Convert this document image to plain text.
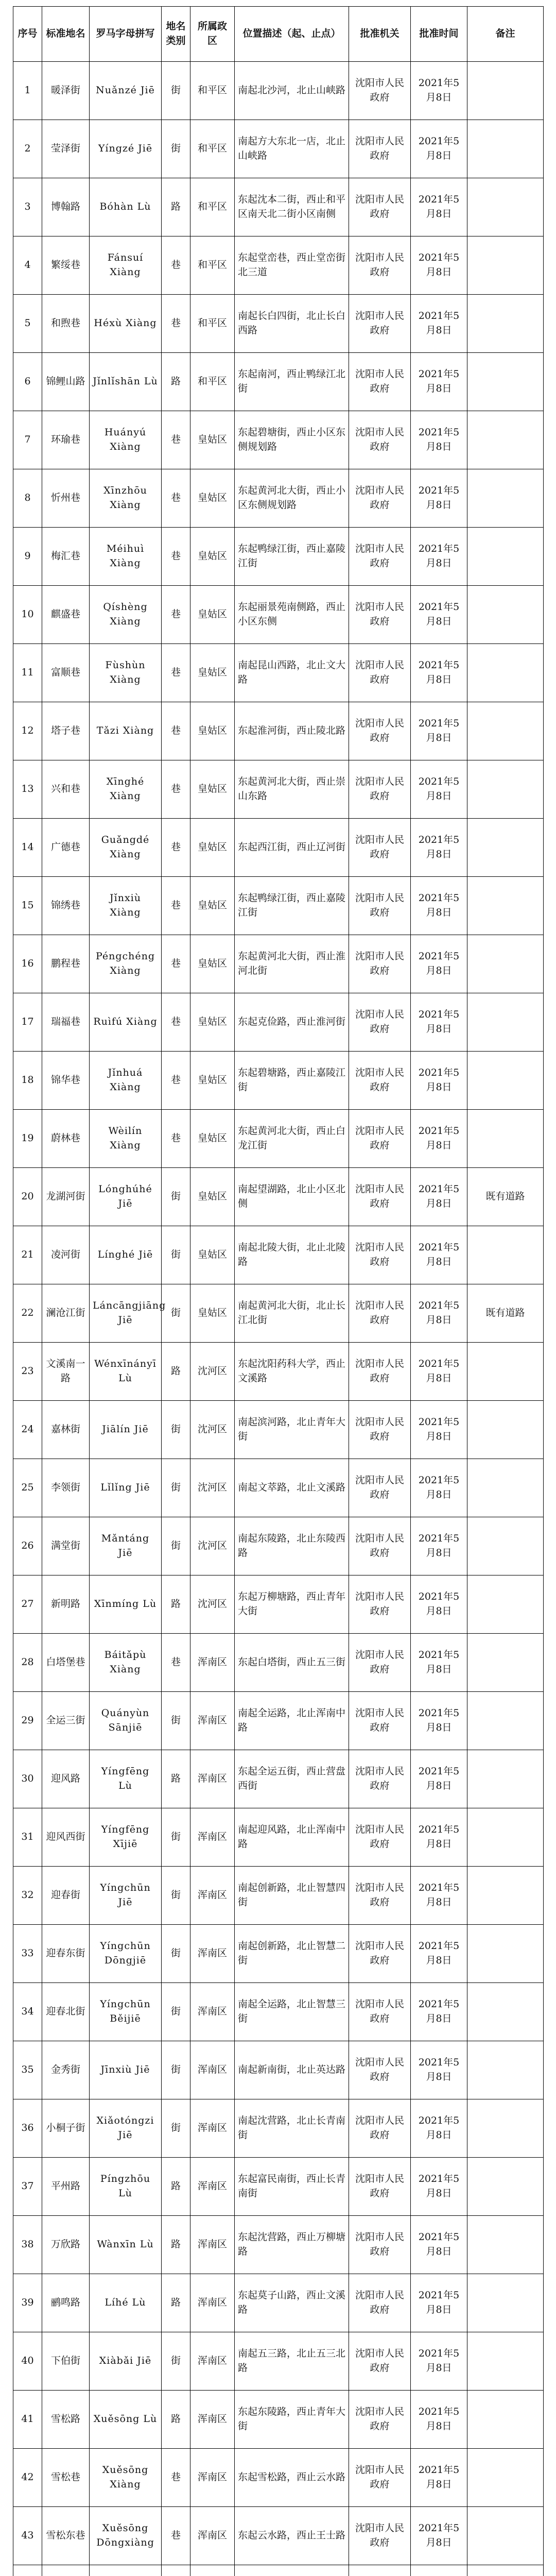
序号	标准地名	罗马字母拼写	地名类别	所属政区	位置描述（起、止点）	批准机关	批准时间	备注
1	暖泽街	Nuǎnzé Jiē	街	和平区	南起北沙河，北止山峡路	沈阳市人民政府	2021年5月8日	
2	莹泽街	Yíngzé Jiē	街	和平区	南起方大东北一店，北止山峡路	沈阳市人民政府	2021年5月8日	
3	博翰路	Bóhàn Lù	路	和平区	东起沈本二街，西止和平区南天北二街小区南侧	沈阳市人民政府	2021年5月8日	
4	繁绥巷	Fánsuí Xiàng	巷	和平区	东起堂峦巷，西止堂峦街北三道	沈阳市人民政府	2021年5月8日	
5	和煦巷	Héxù Xiàng	巷	和平区	南起长白四街，北止长白西路	沈阳市人民政府	2021年5月8日	
6	锦鲤山路	Jǐnlǐshān Lù	路	和平区	东起南河，西止鸭绿江北街	沈阳市人民政府	2021年5月8日	
7	环瑜巷	Huányú Xiàng	巷	皇姑区	东起碧塘街，西止小区东侧规划路	沈阳市人民政府	2021年5月8日	
8	忻州巷	Xīnzhōu Xiàng	巷	皇姑区	东起黄河北大街，西止小区东侧规划路	沈阳市人民政府	2021年5月8日	
9	梅汇巷	Méihuì Xiàng	巷	皇姑区	东起鸭绿江街，西止嘉陵江街	沈阳市人民政府	2021年5月8日	
10	麒盛巷	Qíshèng Xiàng	巷	皇姑区	东起丽景苑南侧路，西止小区东侧	沈阳市人民政府	2021年5月8日	
11	富顺巷	Fùshùn Xiàng	巷	皇姑区	南起昆山西路，北止文大路	沈阳市人民政府	2021年5月8日	
12	塔子巷	Tǎzi Xiàng	巷	皇姑区	东起淮河街，西止陵北路	沈阳市人民政府	2021年5月8日	
13	兴和巷	Xīnghé Xiàng	巷	皇姑区	东起黄河北大街，西止崇山东路	沈阳市人民政府	2021年5月8日	
14	广德巷	Guǎngdé Xiàng	巷	皇姑区	东起西江街，西止辽河街	沈阳市人民政府	2021年5月8日	
15	锦绣巷	Jǐnxiù Xiàng	巷	皇姑区	东起鸭绿江街，西止嘉陵江街	沈阳市人民政府	2021年5月8日	
16	鹏程巷	Péngchéng Xiàng	巷	皇姑区	东起黄河北大街，西止淮河北街	沈阳市人民政府	2021年5月8日	
17	瑞福巷	Ruìfú Xiàng	巷	皇姑区	东起克俭路，西止淮河街	沈阳市人民政府	2021年5月8日	
18	锦华巷	Jǐnhuá Xiàng	巷	皇姑区	东起碧塘路，西止嘉陵江街	沈阳市人民政府	2021年5月8日	
19	蔚林巷	Wèilín Xiàng	巷	皇姑区	东起黄河北大街，西止白龙江街	沈阳市人民政府	2021年5月8日	
20	龙湖河街	Lónghúhé Jiē	街	皇姑区	南起望湖路，北止小区北侧	沈阳市人民政府	2021年5月8日	既有道路
21	凌河街	Línghé Jiē	街	皇姑区	南起北陵大街，北止北陵路	沈阳市人民政府	2021年5月8日	
22	澜沧江街	Láncāngjiāng Jiē	街	皇姑区	南起黄河北大街，北止长江北街	沈阳市人民政府	2021年5月8日	既有道路
23	文溪南一路	Wénxīnányī Lù	路	沈河区	东起沈阳药科大学，西止文溪路	沈阳市人民政府	2021年5月8日	
24	嘉林街	Jiālín Jiē	街	沈河区	南起滨河路，北止青年大街	沈阳市人民政府	2021年5月8日	
25	李领街	Lǐlǐng Jiē	街	沈河区	南起文萃路，北止文溪路	沈阳市人民政府	2021年5月8日	
26	满堂街	Mǎntáng Jiē	街	沈河区	南起东陵路，北止东陵西路	沈阳市人民政府	2021年5月8日	
27	新明路	Xīnmíng Lù	路	沈河区	东起万柳塘路，西止青年大街	沈阳市人民政府	2021年5月8日	
28	白塔堡巷	Báitǎpù Xiàng	巷	浑南区	东起白塔街，西止五三街	沈阳市人民政府	2021年5月8日	
29	全运三街	Quányùn Sānjiē	街	浑南区	南起全运路，北止浑南中路	沈阳市人民政府	2021年5月8日	
30	迎风路	Yíngfēng Lù	路	浑南区	东起全运五街，西止营盘西街	沈阳市人民政府	2021年5月8日	
31	迎风西街	Yíngfēng Xījiē	街	浑南区	南起迎风路，北止浑南中路	沈阳市人民政府	2021年5月8日	
32	迎春街	Yíngchūn Jiē	街	浑南区	南起创新路，北止智慧四街	沈阳市人民政府	2021年5月8日	
33	迎春东街	Yíngchūn Dōngjiē	街	浑南区	南起创新路，北止智慧二街	沈阳市人民政府	2021年5月8日	
34	迎春北街	Yíngchūn Běijiē	街	浑南区	南起全运路，北止智慧三街	沈阳市人民政府	2021年5月8日	
35	金秀街	Jīnxiù Jiē	街	浑南区	南起新南街，北止英达路	沈阳市人民政府	2021年5月8日	
36	小桐子街	Xiǎotóngzi Jiē	街	浑南区	南起沈营路，北止长青南街	沈阳市人民政府	2021年5月8日	
37	平州路	Píngzhōu Lù	路	浑南区	东起富民南街，西止长青南街	沈阳市人民政府	2021年5月8日	
38	万欣路	Wànxīn Lù	路	浑南区	东起沈营路，西止万柳塘路	沈阳市人民政府	2021年5月8日	
39	鹂鸣路	Líhé Lù	路	浑南区	东起莫子山路，西止文溪路	沈阳市人民政府	2021年5月8日	
40	下伯街	Xiàbǎi Jiē	街	浑南区	南起五三路，北止五三北路	沈阳市人民政府	2021年5月8日	
41	雪松路	Xuěsōng Lù	路	浑南区	东起东陵路，西止青年大街	沈阳市人民政府	2021年5月8日	
42	雪松巷	Xuěsōng Xiàng	巷	浑南区	东起雪松路，西止云水路	沈阳市人民政府	2021年5月8日	
43	雪松东巷	Xuěsōng Dōngxiàng	巷	浑南区	东起云水路，西止王士路	沈阳市人民政府	2021年5月8日	
